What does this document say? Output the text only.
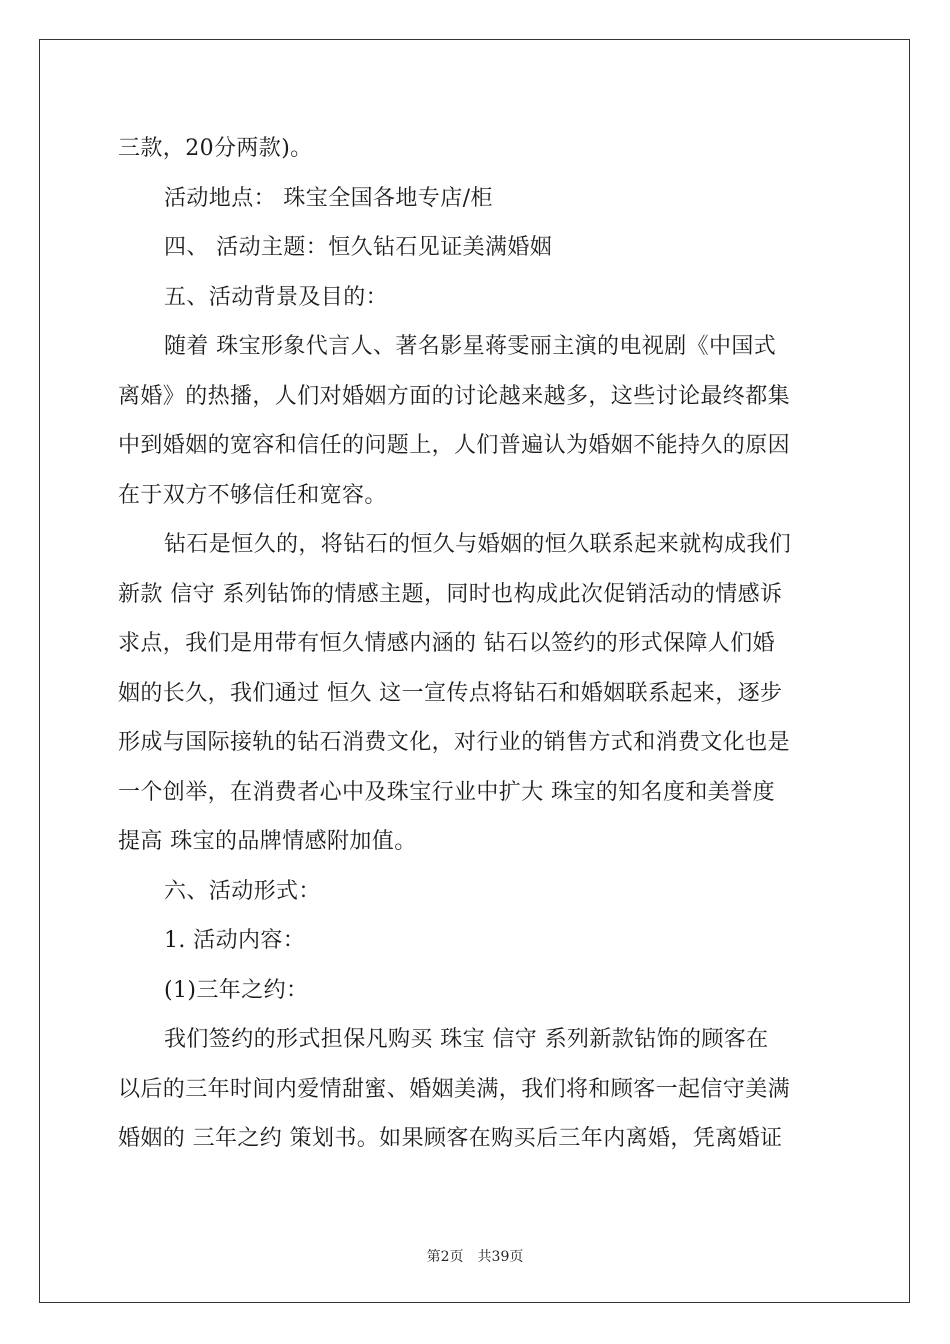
三款，20分两款)。
活动地点： 珠宝全国各地专店/柜
四、 活动主题：恒久钻石见证美满婚姻
五、活动背景及目的：
随着 珠宝形象代言人、著名影星蒋雯丽主演的电视剧《中国式
离婚》的热播，人们对婚姻方面的讨论越来越多，这些讨论最终都集
中到婚姻的宽容和信任的问题上，人们普遍认为婚姻不能持久的原因
在于双方不够信任和宽容。
钻石是恒久的，将钻石的恒久与婚姻的恒久联系起来就构成我们
新款 信守 系列钻饰的情感主题，同时也构成此次促销活动的情感诉
求点，我们是用带有恒久情感内涵的 钻石以签约的形式保障人们婚
姻的长久，我们通过 恒久 这一宣传点将钻石和婚姻联系起来，逐步
形成与国际接轨的钻石消费文化，对行业的销售方式和消费文化也是
一个创举，在消费者心中及珠宝行业中扩大 珠宝的知名度和美誉度
提高 珠宝的品牌情感附加值。
六、活动形式：
1. 活动内容：
(1)三年之约：
我们签约的形式担保凡购买 珠宝 信守 系列新款钻饰的顾客在
以后的三年时间内爱情甜蜜、婚姻美满，我们将和顾客一起信守美满
婚姻的 三年之约 策划书。如果顾客在购买后三年内离婚，凭离婚证
第2页 共39页
